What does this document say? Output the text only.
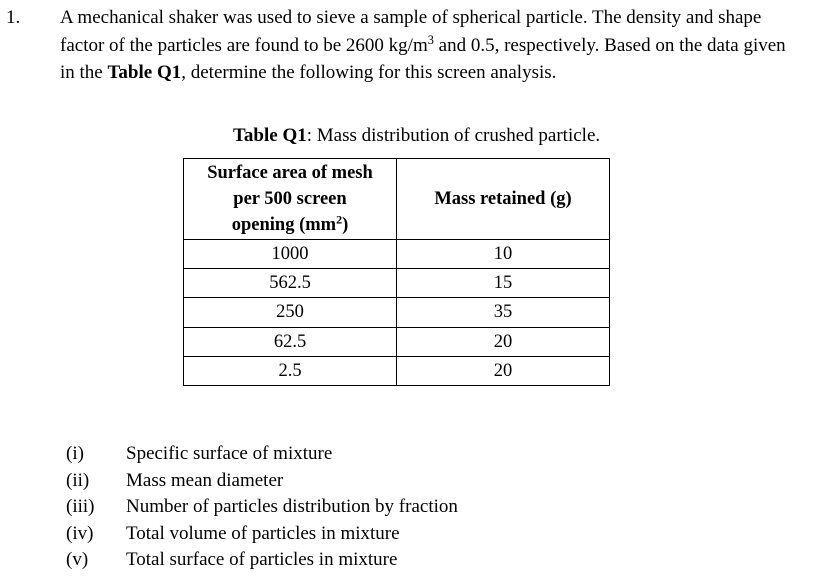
1. A mechanical shaker was used to sieve a sample of spherical particle. The density and shape factor of the particles are found to be 2600 $kg/m^3$ and 0.5, respectively. Based on the data given in the Table Q1, determine the following for this screen analysis.
Table Q1: Mass distribution of crushed particle.
Surface area of mesh
per 500 screen
opening $(mm^2)$	Mass retained (g)
1000	10
562.5	15
250	35
62.5	20
2.5	20
(i) Specific surface of mixture
(ii) Mass mean diameter
(iii) Number of particles distribution by fraction
(iv) Total volume of particles in mixture
(v) Total surface of particles in mixture
